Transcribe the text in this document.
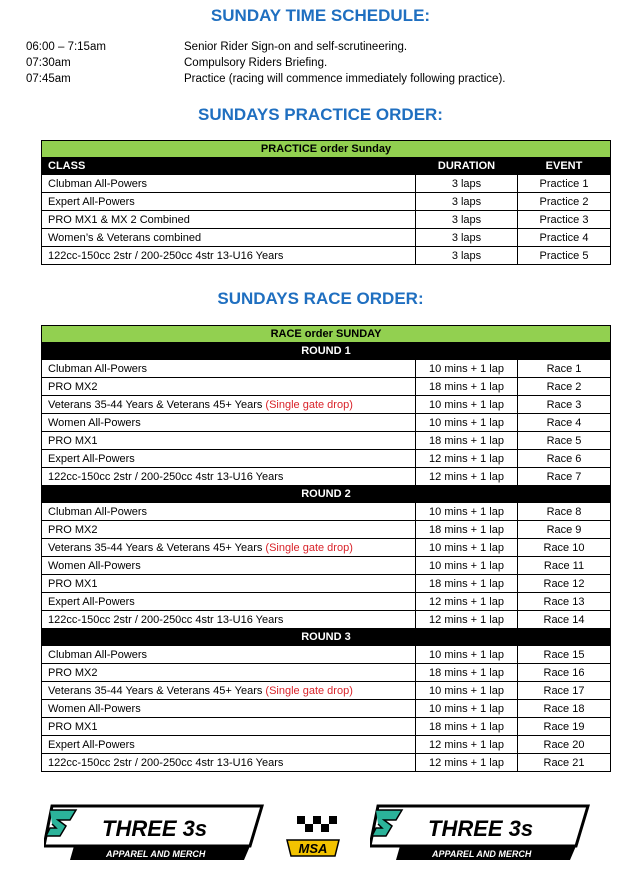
SUNDAY TIME SCHEDULE:
06:00 – 7:15am	Senior Rider Sign-on and self-scrutineering.
07:30am	Compulsory Riders Briefing.
07:45am	Practice (racing will commence immediately following practice).
SUNDAYS PRACTICE ORDER:
PRACTICE order Sunday		
CLASS	DURATION	EVENT
Clubman All-Powers	3 laps	Practice 1
Expert All-Powers	3 laps	Practice 2
PRO MX1 & MX 2 Combined	3 laps	Practice 3
Women’s & Veterans combined	3 laps	Practice 4
122cc-150cc 2str / 200-250cc 4str 13-U16 Years	3 laps	Practice 5
SUNDAYS RACE ORDER:
RACE order SUNDAY		
ROUND 1		
Clubman All-Powers	10 mins + 1 lap	Race 1
PRO MX2	18 mins + 1 lap	Race 2
Veterans 35-44 Years & Veterans 45+ Years (Single gate drop)	10 mins + 1 lap	Race 3
Women All-Powers	10 mins + 1 lap	Race 4
PRO MX1	18 mins + 1 lap	Race 5
Expert All-Powers	12 mins + 1 lap	Race 6
122cc-150cc 2str / 200-250cc 4str 13-U16 Years	12 mins + 1 lap	Race 7
ROUND 2		
Clubman All-Powers	10 mins + 1 lap	Race 8
PRO MX2	18 mins + 1 lap	Race 9
Veterans 35-44 Years & Veterans 45+ Years (Single gate drop)	10 mins + 1 lap	Race 10
Women All-Powers	10 mins + 1 lap	Race 11
PRO MX1	18 mins + 1 lap	Race 12
Expert All-Powers	12 mins + 1 lap	Race 13
122cc-150cc 2str / 200-250cc 4str 13-U16 Years	12 mins + 1 lap	Race 14
ROUND 3		
Clubman All-Powers	10 mins + 1 lap	Race 15
PRO MX2	18 mins + 1 lap	Race 16
Veterans 35-44 Years & Veterans 45+ Years (Single gate drop)	10 mins + 1 lap	Race 17
Women All-Powers	10 mins + 1 lap	Race 18
PRO MX1	18 mins + 1 lap	Race 19
Expert All-Powers	12 mins + 1 lap	Race 20
122cc-150cc 2str / 200-250cc 4str 13-U16 Years	12 mins + 1 lap	Race 21
THREE 3s
APPAREL AND MERCH	MSA
THREE 3s
APPAREL AND MERCH
